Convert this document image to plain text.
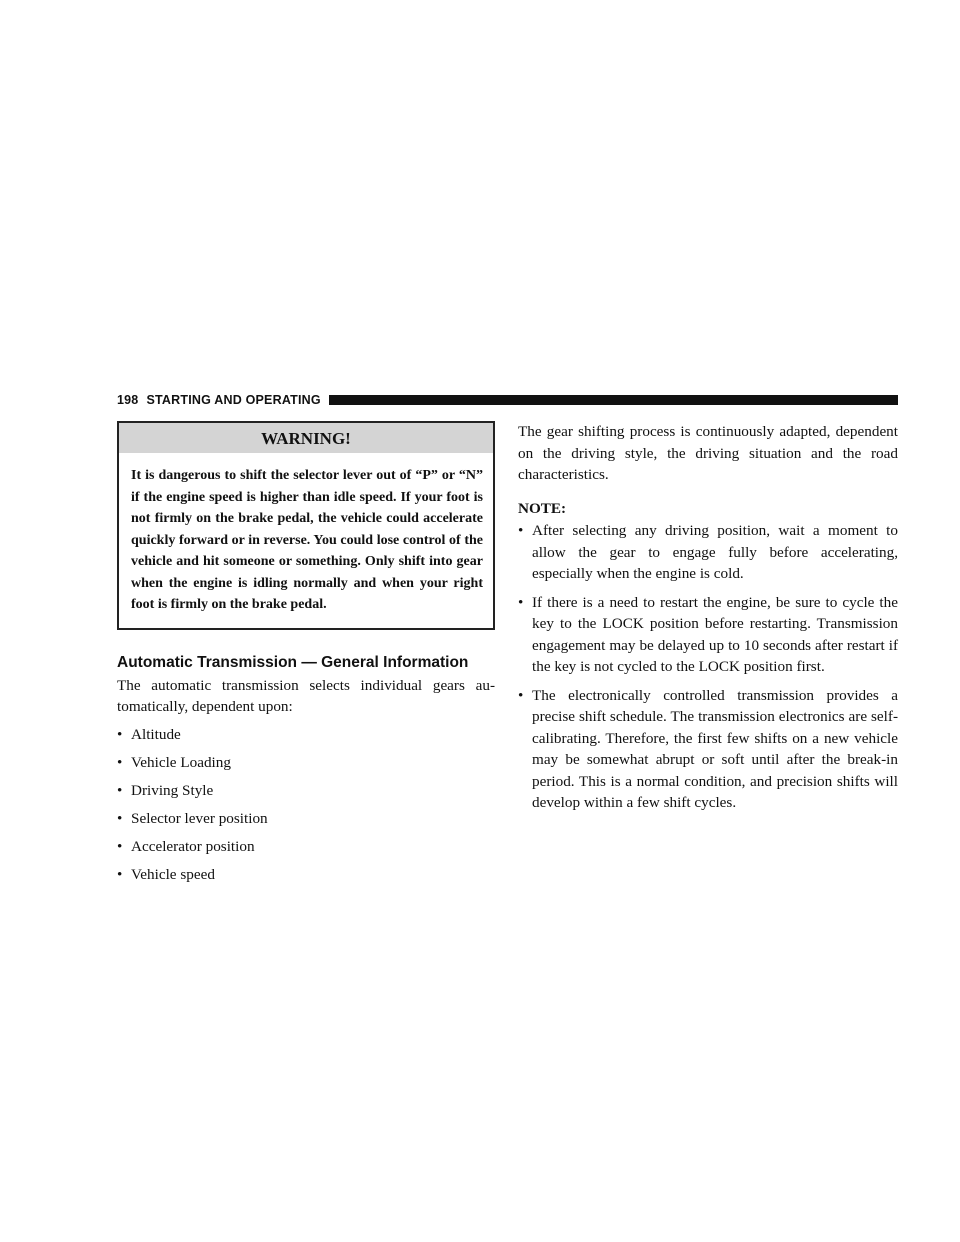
198 STARTING AND OPERATING
WARNING!
It is dangerous to shift the selector lever out of “P” or “N” if the engine speed is higher than idle speed. If your foot is not firmly on the brake pedal, the vehicle could accelerate quickly forward or in reverse. You could lose control of the vehicle and hit someone or something. Only shift into gear when the engine is idling normally and when your right foot is firmly on the brake pedal.
Automatic Transmission — General Information

The automatic transmission selects individual gears automatically, dependent upon:

• Altitude
• Vehicle Loading
• Driving Style
• Selector lever position
• Accelerator position
• Vehicle speed

The gear shifting process is continuously adapted, dependent on the driving style, the driving situation and the road characteristics.

NOTE:
• After selecting any driving position, wait a moment to allow the gear to engage fully before accelerating, especially when the engine is cold.
• If there is a need to restart the engine, be sure to cycle the key to the LOCK position before restarting. Transmission engagement may be delayed up to 10 seconds after restart if the key is not cycled to the LOCK position first.
• The electronically controlled transmission provides a precise shift schedule. The transmission electronics are self-calibrating. Therefore, the first few shifts on a new vehicle may be somewhat abrupt or soft until after the break-in period. This is a normal condition, and precision shifts will develop within a few shift cycles.
